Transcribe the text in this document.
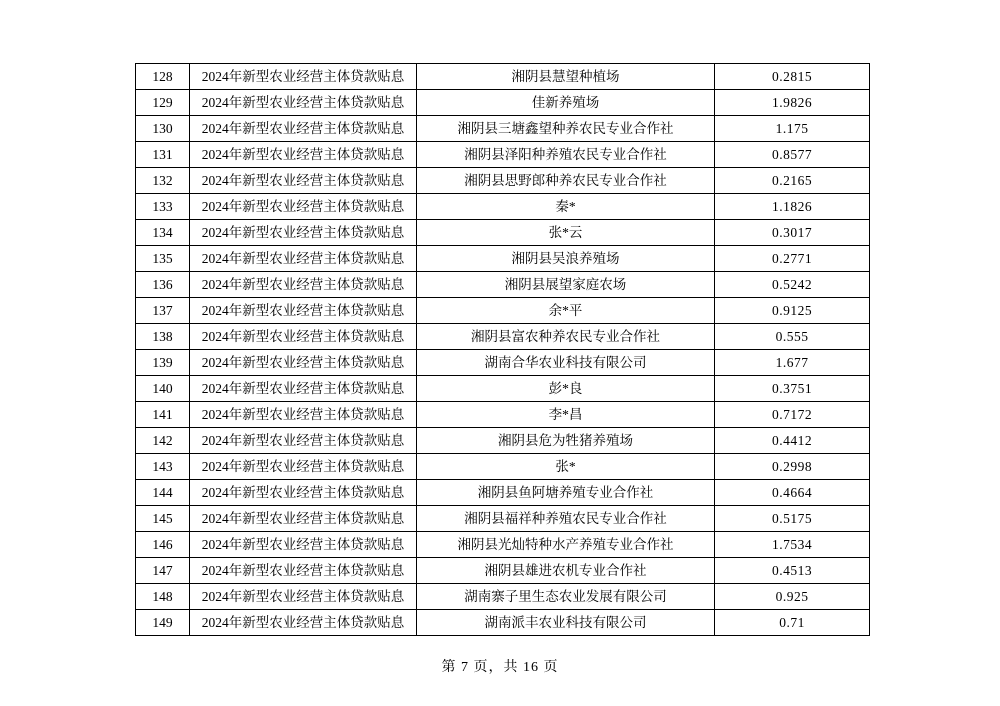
128	2024年新型农业经营主体贷款贴息	湘阴县慧望种植场	0.2815
129	2024年新型农业经营主体贷款贴息	佳新养殖场	1.9826
130	2024年新型农业经营主体贷款贴息	湘阴县三塘鑫望种养农民专业合作社	1.175
131	2024年新型农业经营主体贷款贴息	湘阴县泽阳种养殖农民专业合作社	0.8577
132	2024年新型农业经营主体贷款贴息	湘阴县思野郎种养农民专业合作社	0.2165
133	2024年新型农业经营主体贷款贴息	秦*	1.1826
134	2024年新型农业经营主体贷款贴息	张*云	0.3017
135	2024年新型农业经营主体贷款贴息	湘阴县吴浪养殖场	0.2771
136	2024年新型农业经营主体贷款贴息	湘阴县展望家庭农场	0.5242
137	2024年新型农业经营主体贷款贴息	余*平	0.9125
138	2024年新型农业经营主体贷款贴息	湘阴县富农种养农民专业合作社	0.555
139	2024年新型农业经营主体贷款贴息	湖南合华农业科技有限公司	1.677
140	2024年新型农业经营主体贷款贴息	彭*良	0.3751
141	2024年新型农业经营主体贷款贴息	李*昌	0.7172
142	2024年新型农业经营主体贷款贴息	湘阴县危为牲猪养殖场	0.4412
143	2024年新型农业经营主体贷款贴息	张*	0.2998
144	2024年新型农业经营主体贷款贴息	湘阴县鱼阿塘养殖专业合作社	0.4664
145	2024年新型农业经营主体贷款贴息	湘阴县福祥种养殖农民专业合作社	0.5175
146	2024年新型农业经营主体贷款贴息	湘阴县光灿特种水产养殖专业合作社	1.7534
147	2024年新型农业经营主体贷款贴息	湘阴县雄进农机专业合作社	0.4513
148	2024年新型农业经营主体贷款贴息	湖南寨子里生态农业发展有限公司	0.925
149	2024年新型农业经营主体贷款贴息	湖南派丰农业科技有限公司	0.71
第 7 页，共 16 页
